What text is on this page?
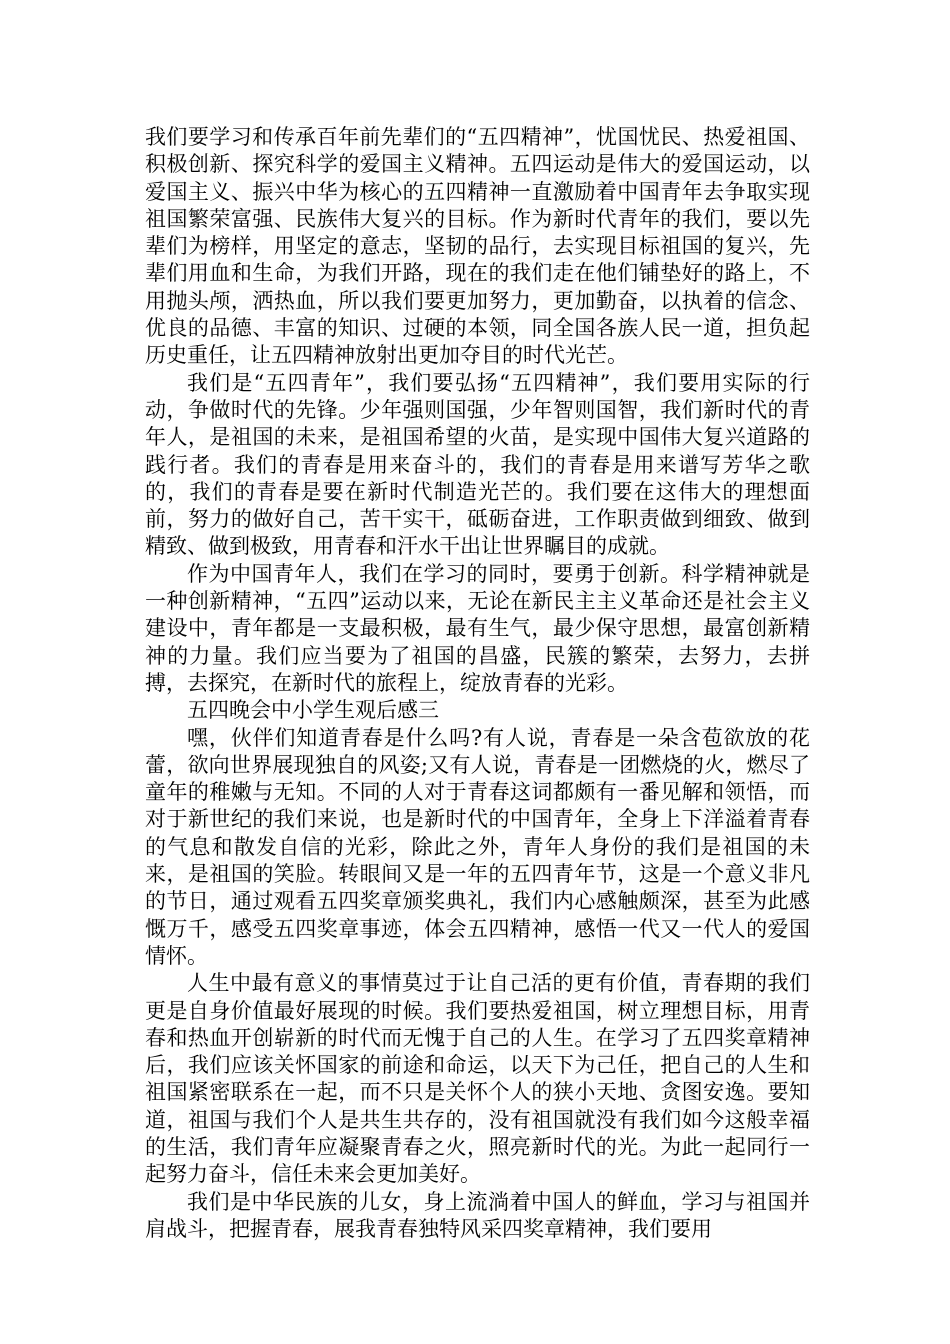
我们要学习和传承百年前先辈们的“五四精神”，忧国忧民、热爱祖国、积极创新、探究科学的爱国主义精神。五四运动是伟大的爱国运动，以爱国主义、振兴中华为核心的五四精神一直激励着中国青年去争取实现祖国繁荣富强、民族伟大复兴的目标。作为新时代青年的我们，要以先辈们为榜样，用坚定的意志，坚韧的品行，去实现目标祖国的复兴，先辈们用血和生命，为我们开路，现在的我们走在他们铺垫好的路上，不用抛头颅，洒热血，所以我们要更加努力，更加勤奋，以执着的信念、优良的品德、丰富的知识、过硬的本领，同全国各族人民一道，担负起历史重任，让五四精神放射出更加夺目的时代光芒。

我们是“五四青年”，我们要弘扬“五四精神”，我们要用实际的行动，争做时代的先锋。少年强则国强，少年智则国智，我们新时代的青年人，是祖国的未来，是祖国希望的火苗，是实现中国伟大复兴道路的践行者。我们的青春是用来奋斗的，我们的青春是用来谱写芳华之歌的，我们的青春是要在新时代制造光芒的。我们要在这伟大的理想面前，努力的做好自己，苦干实干，砥砺奋进，工作职责做到细致、做到精致、做到极致，用青春和汗水干出让世界瞩目的成就。

作为中国青年人，我们在学习的同时，要勇于创新。科学精神就是一种创新精神，“五四”运动以来，无论在新民主主义革命还是社会主义建设中，青年都是一支最积极，最有生气，最少保守思想，最富创新精神的力量。我们应当要为了祖国的昌盛，民簇的繁荣，去努力，去拼搏，去探究，在新时代的旅程上，绽放青春的光彩。

五四晚会中小学生观后感三

嘿，伙伴们知道青春是什么吗?有人说，青春是一朵含苞欲放的花蕾，欲向世界展现独自的风姿;又有人说，青春是一团燃烧的火，燃尽了童年的稚嫩与无知。不同的人对于青春这词都颇有一番见解和领悟，而对于新世纪的我们来说，也是新时代的中国青年，全身上下洋溢着青春的气息和散发自信的光彩，除此之外，青年人身份的我们是祖国的未来，是祖国的笑脸。转眼间又是一年的五四青年节，这是一个意义非凡的节日，通过观看五四奖章颁奖典礼，我们内心感触颇深，甚至为此感慨万千，感受五四奖章事迹，体会五四精神，感悟一代又一代人的爱国情怀。

人生中最有意义的事情莫过于让自己活的更有价值，青春期的我们更是自身价值最好展现的时候。我们要热爱祖国，树立理想目标，用青春和热血开创崭新的时代而无愧于自己的人生。在学习了五四奖章精神后，我们应该关怀国家的前途和命运，以天下为己任，把自己的人生和祖国紧密联系在一起，而不只是关怀个人的狭小天地、贪图安逸。要知道，祖国与我们个人是共生共存的，没有祖国就没有我们如今这般幸福的生活，我们青年应凝聚青春之火，照亮新时代的光。为此一起同行一起努力奋斗，信任未来会更加美好。

我们是中华民族的儿女，身上流淌着中国人的鲜血，学习与祖国并肩战斗，把握青春，展我青春独特风采四奖章精神，我们要用
